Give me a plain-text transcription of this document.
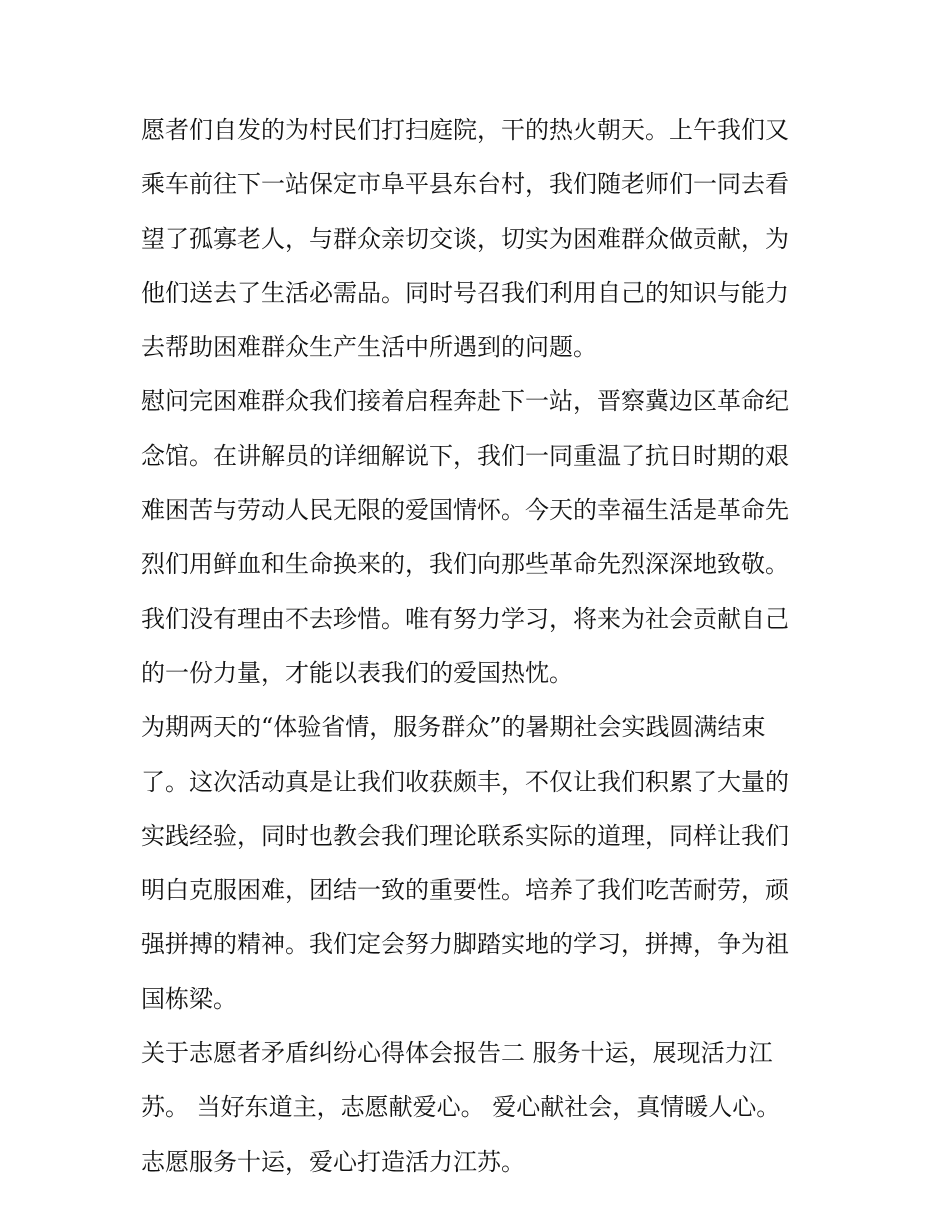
愿者们自发的为村民们打扫庭院，干的热火朝天。上午我们又
乘车前往下一站保定市阜平县东台村，我们随老师们一同去看
望了孤寡老人，与群众亲切交谈，切实为困难群众做贡献，为
他们送去了生活必需品。同时号召我们利用自己的知识与能力
去帮助困难群众生产生活中所遇到的问题。
慰问完困难群众我们接着启程奔赴下一站，晋察冀边区革命纪
念馆。在讲解员的详细解说下，我们一同重温了抗日时期的艰
难困苦与劳动人民无限的爱国情怀。今天的幸福生活是革命先
烈们用鲜血和生命换来的，我们向那些革命先烈深深地致敬。
我们没有理由不去珍惜。唯有努力学习，将来为社会贡献自己
的一份力量，才能以表我们的爱国热忱。
为期两天的“体验省情，服务群众”的暑期社会实践圆满结束
了。这次活动真是让我们收获颇丰，不仅让我们积累了大量的
实践经验，同时也教会我们理论联系实际的道理，同样让我们
明白克服困难，团结一致的重要性。培养了我们吃苦耐劳，顽
强拼搏的精神。我们定会努力脚踏实地的学习，拼搏，争为祖
国栋梁。
关于志愿者矛盾纠纷心得体会报告二 服务十运，展现活力江
苏。 当好东道主，志愿献爱心。 爱心献社会，真情暖人心。
志愿服务十运，爱心打造活力江苏。
